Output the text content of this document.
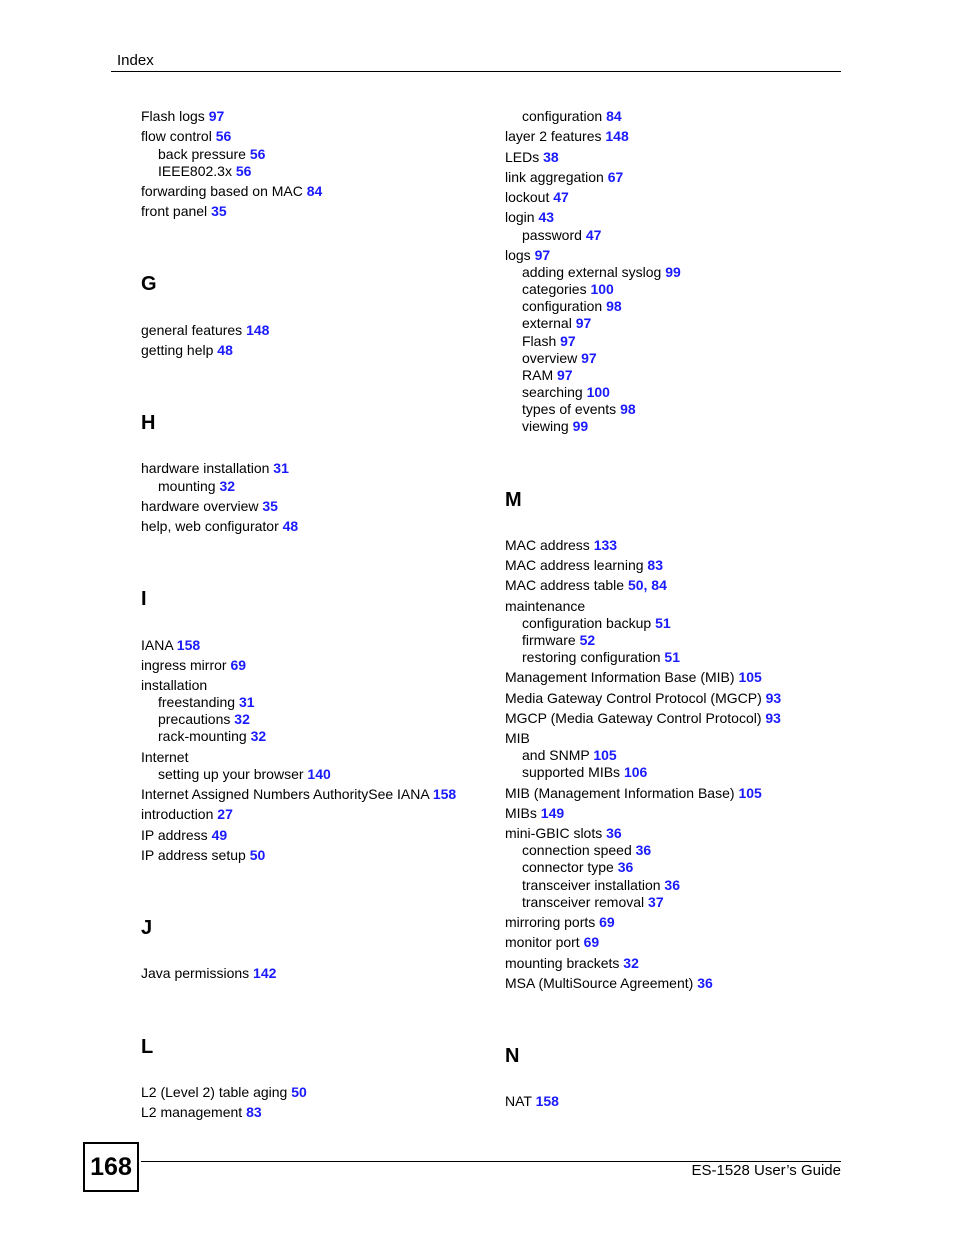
Index
Flash logs 97
flow control 56
back pressure 56
IEEE802.3x 56
forwarding based on MAC 84
front panel 35
G
general features 148
getting help 48
H
hardware installation 31
mounting 32
hardware overview 35
help, web configurator 48
I
IANA 158
ingress mirror 69
installation
freestanding 31
precautions 32
rack-mounting 32
Internet
setting up your browser 140
Internet Assigned Numbers AuthoritySee IANA 158
introduction 27
IP address 49
IP address setup 50
J
Java permissions 142
L
L2 (Level 2) table aging 50
L2 management 83
configuration 84
layer 2 features 148
LEDs 38
link aggregation 67
lockout 47
login 43
password 47
logs 97
adding external syslog 99
categories 100
configuration 98
external 97
Flash 97
overview 97
RAM 97
searching 100
types of events 98
viewing 99
M
MAC address 133
MAC address learning 83
MAC address table 50, 84
maintenance
configuration backup 51
firmware 52
restoring configuration 51
Management Information Base (MIB) 105
Media Gateway Control Protocol (MGCP) 93
MGCP (Media Gateway Control Protocol) 93
MIB
and SNMP 105
supported MIBs 106
MIB (Management Information Base) 105
MIBs 149
mini-GBIC slots 36
connection speed 36
connector type 36
transceiver installation 36
transceiver removal 37
mirroring ports 69
monitor port 69
mounting brackets 32
MSA (MultiSource Agreement) 36
N
NAT 158
168	ES-1528 User’s Guide
